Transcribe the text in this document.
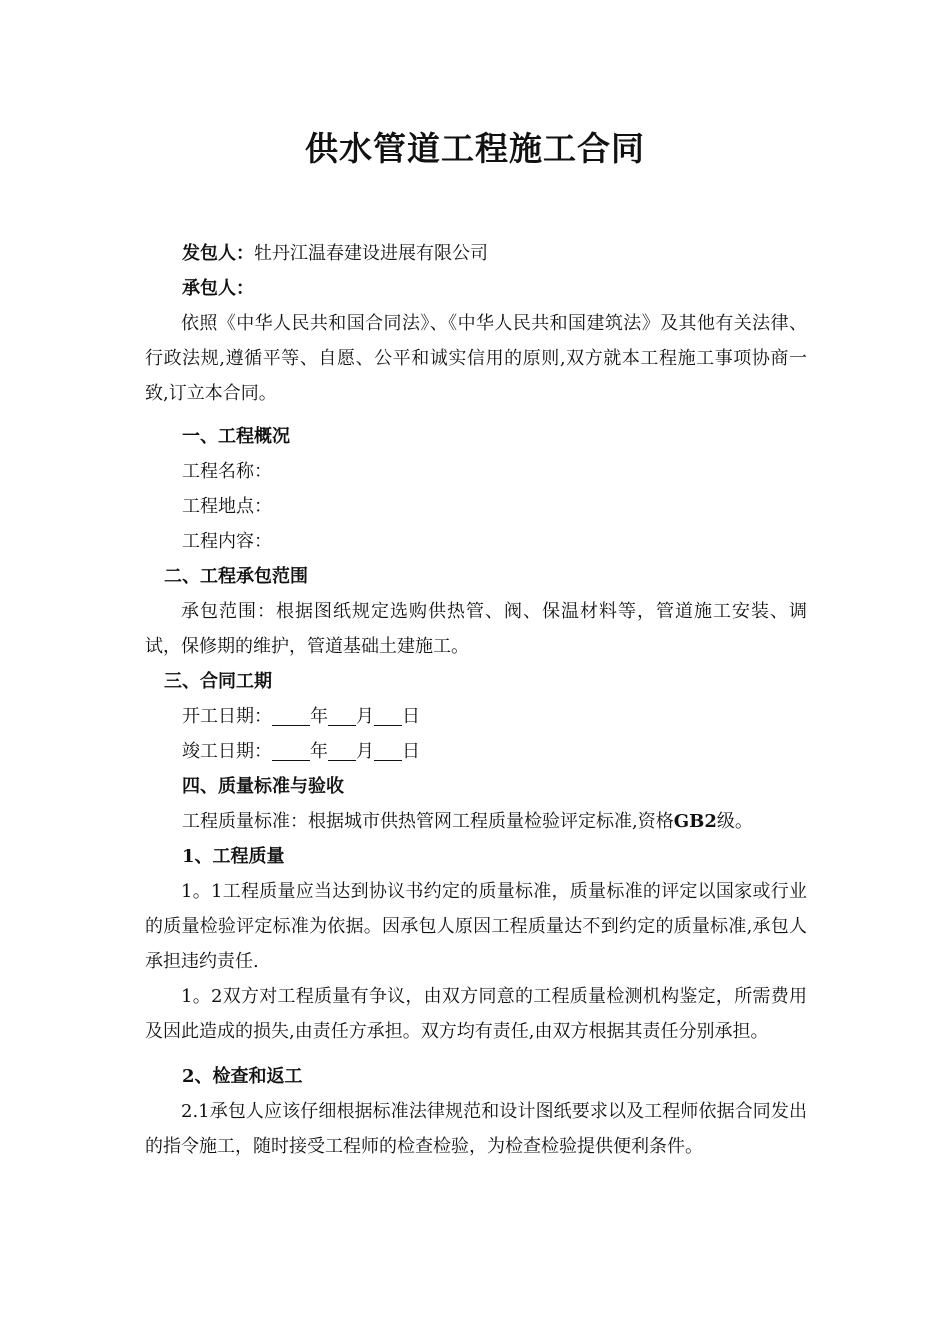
供水管道工程施工合同
发包人：牡丹江温春建设进展有限公司
承包人：
依照《中华人民共和国合同法》、《中华人民共和国建筑法》及其他有关法律、行政法规,遵循平等、自愿、公平和诚实信用的原则,双方就本工程施工事项协商一致,订立本合同。
一、工程概况
工程名称：
工程地点：
工程内容：
二、工程承包范围
承包范围：根据图纸规定选购供热管、阀、保温材料等，管道施工安装、调试，保修期的维护，管道基础土建施工。
三、合同工期
开工日期： 年 月 日
竣工日期： 年 月 日
四、质量标准与验收
工程质量标准：根据城市供热管网工程质量检验评定标准,资格GB2级。
1、工程质量
1。1工程质量应当达到协议书约定的质量标准，质量标准的评定以国家或行业的质量检验评定标准为依据。因承包人原因工程质量达不到约定的质量标准,承包人承担违约责任.
1。2双方对工程质量有争议，由双方同意的工程质量检测机构鉴定，所需费用及因此造成的损失,由责任方承担。双方均有责任,由双方根据其责任分别承担。
2、检查和返工
2.1承包人应该仔细根据标准法律规范和设计图纸要求以及工程师依据合同发出的指令施工，随时接受工程师的检查检验，为检查检验提供便利条件。
